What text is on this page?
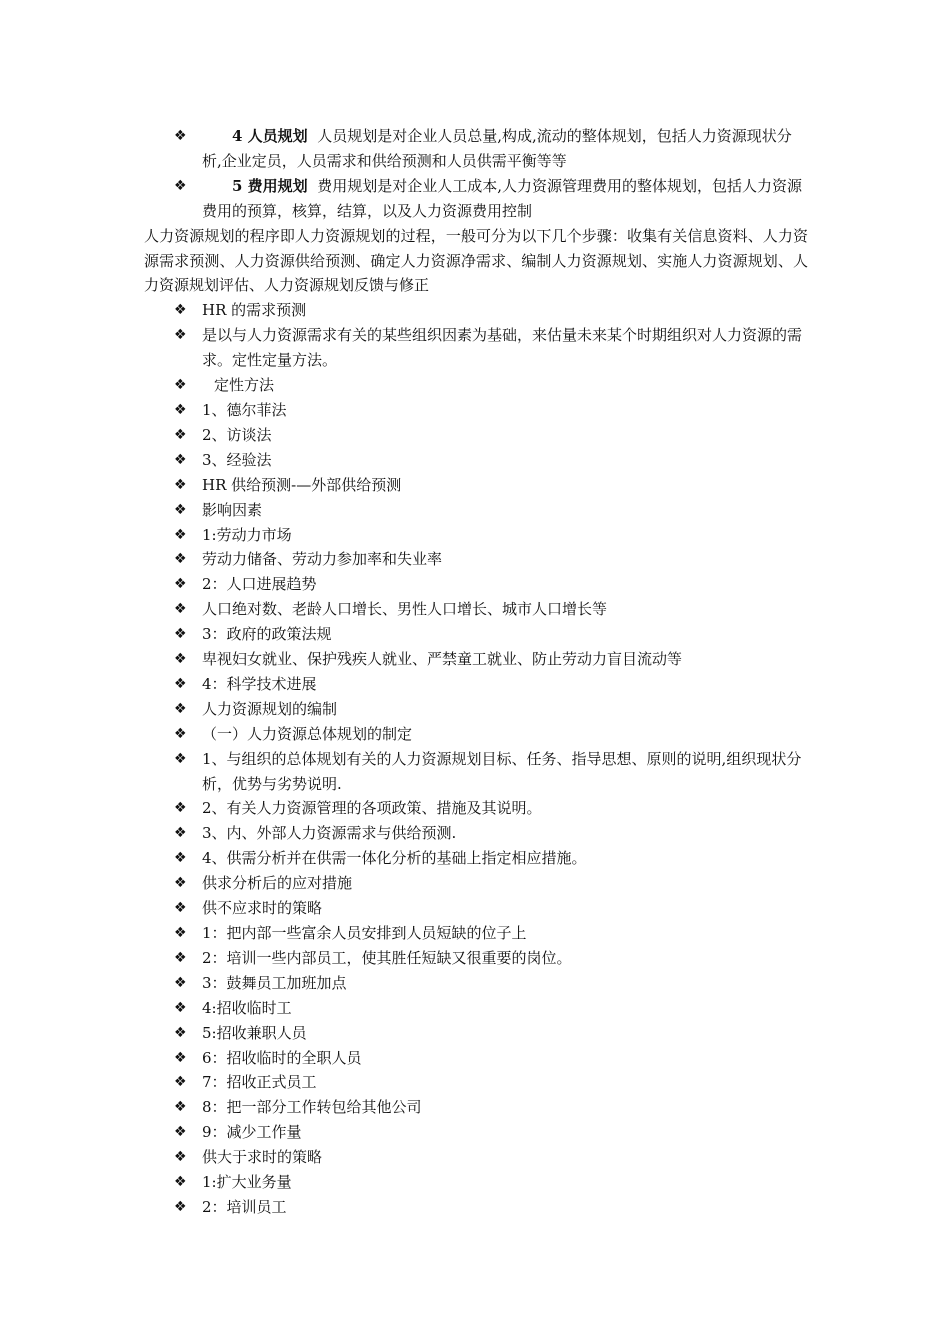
❖	4 人员规划 人员规划是对企业人员总量,构成,流动的整体规划，包括人力资源现状分析,企业定员，人员需求和供给预测和人员供需平衡等等
❖	5 费用规划 费用规划是对企业人工成本,人力资源管理费用的整体规划，包括人力资源费用的预算，核算，结算，以及人力资源费用控制

人力资源规划的程序即人力资源规划的过程，一般可分为以下几个步骤：收集有关信息资料、人力资源需求预测、人力资源供给预测、确定人力资源净需求、编制人力资源规划、实施人力资源规划、人力资源规划评估、人力资源规划反馈与修正

❖	HR 的需求预测
❖	是以与人力资源需求有关的某些组织因素为基础，来估量未来某个时期组织对人力资源的需求。定性定量方法。
❖	定性方法
❖	1、德尔菲法
❖	2、访谈法
❖	3、经验法
❖	HR 供给预测-—外部供给预测
❖	影响因素
❖	1:劳动力市场
❖	劳动力储备、劳动力参加率和失业率
❖	2：人口进展趋势
❖	人口绝对数、老龄人口增长、男性人口增长、城市人口增长等
❖	3：政府的政策法规
❖	卑视妇女就业、保护残疾人就业、严禁童工就业、防止劳动力盲目流动等
❖	4：科学技术进展
❖	人力资源规划的编制
❖	（一）人力资源总体规划的制定
❖	1、与组织的总体规划有关的人力资源规划目标、任务、指导思想、原则的说明,组织现状分析，优势与劣势说明.
❖	2、有关人力资源管理的各项政策、措施及其说明。
❖	3、内、外部人力资源需求与供给预测.
❖	4、供需分析并在供需一体化分析的基础上指定相应措施。
❖	供求分析后的应对措施
❖	供不应求时的策略
❖	1：把内部一些富余人员安排到人员短缺的位子上
❖	2：培训一些内部员工，使其胜任短缺又很重要的岗位。
❖	3：鼓舞员工加班加点
❖	4:招收临时工
❖	5:招收兼职人员
❖	6：招收临时的全职人员
❖	7：招收正式员工
❖	8：把一部分工作转包给其他公司
❖	9：减少工作量
❖	供大于求时的策略
❖	1:扩大业务量
❖	2：培训员工
